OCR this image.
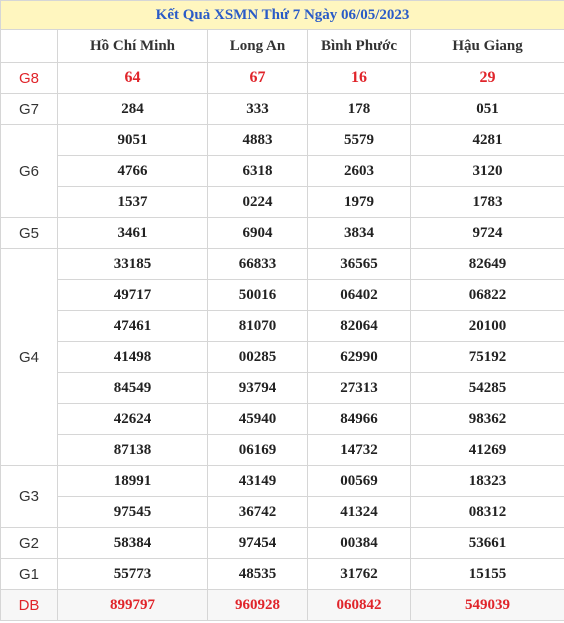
Kết Quả XSMN Thứ 7 Ngày 06/05/2023				
	Hồ Chí Minh	Long An	Bình Phước	Hậu Giang
G8	64	67	16	29
G7	284	333	178	051
G6	9051	4883	5579	4281
	4766	6318	2603	3120
	1537	0224	1979	1783
G5	3461	6904	3834	9724
G4	33185	66833	36565	82649
	49717	50016	06402	06822
	47461	81070	82064	20100
	41498	00285	62990	75192
	84549	93794	27313	54285
	42624	45940	84966	98362
	87138	06169	14732	41269
G3	18991	43149	00569	18323
	97545	36742	41324	08312
G2	58384	97454	00384	53661
G1	55773	48535	31762	15155
DB	899797	960928	060842	549039
